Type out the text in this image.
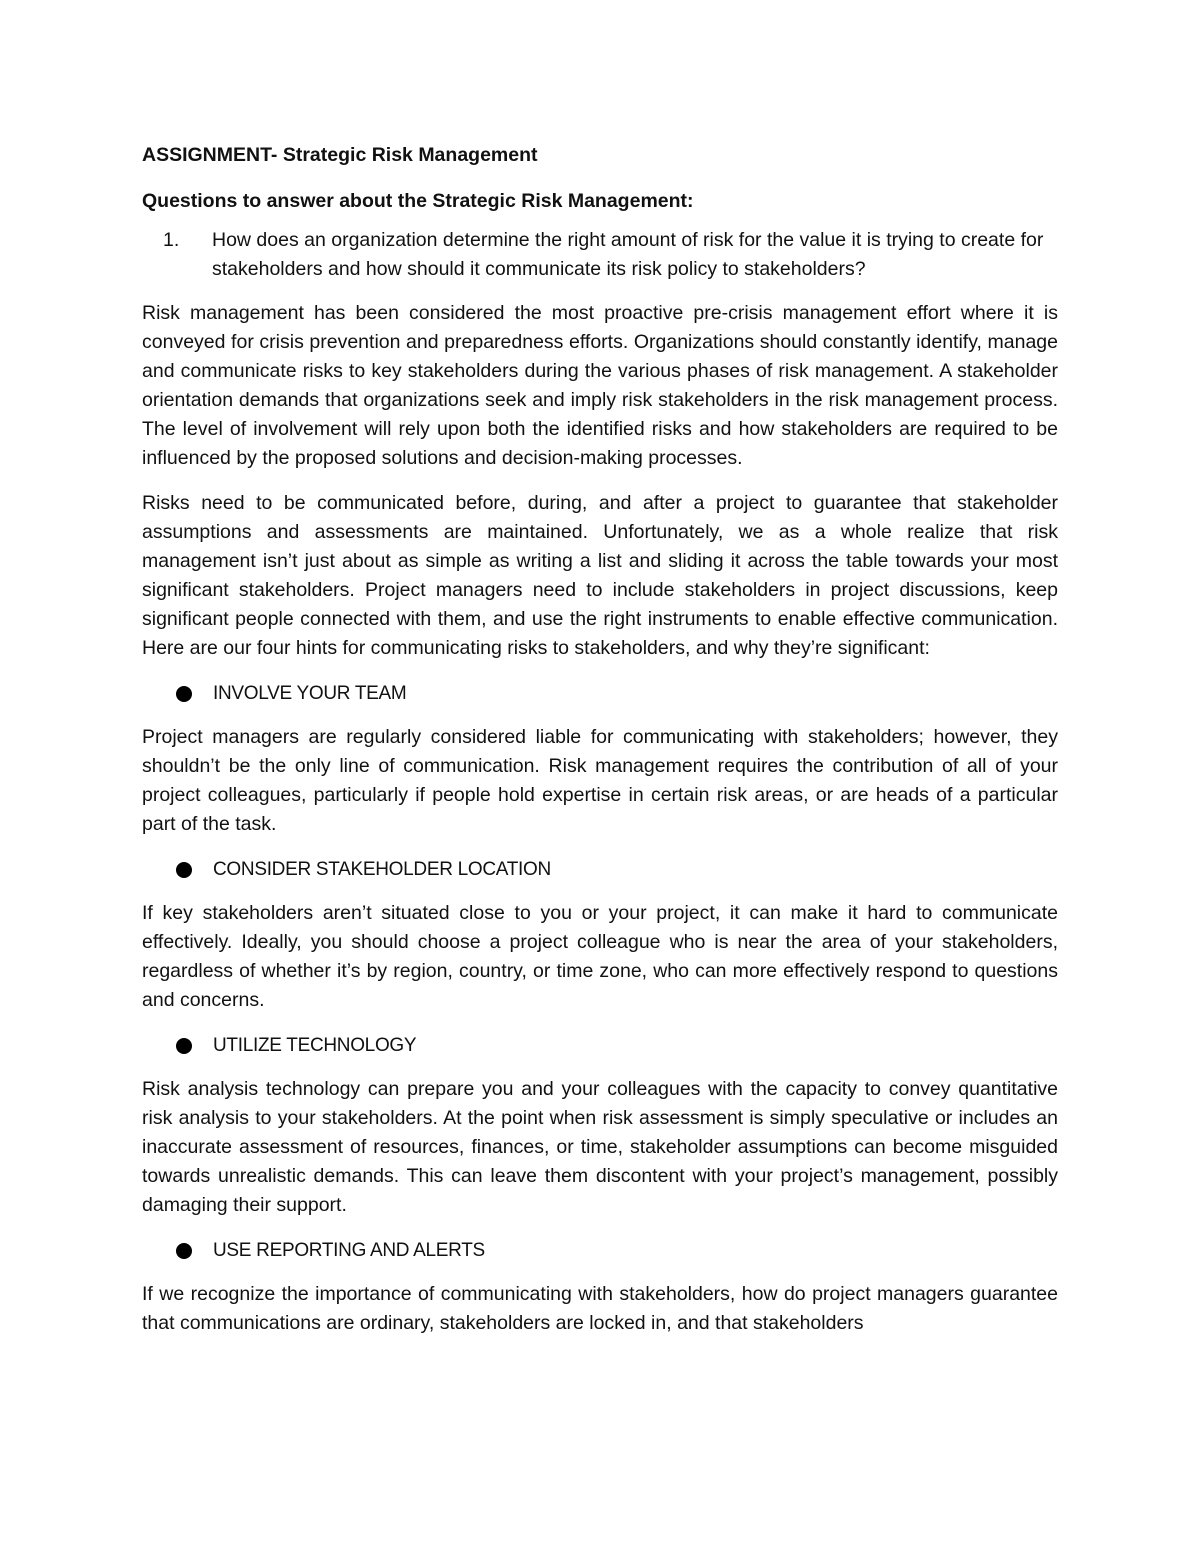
ASSIGNMENT- Strategic Risk Management
Questions to answer about the Strategic Risk Management:
1.	How does an organization determine the right amount of risk for the value it is trying to create for stakeholders and how should it communicate its risk policy to stakeholders?

Risk management has been considered the most proactive pre-crisis management effort where it is conveyed for crisis prevention and preparedness efforts. Organizations should constantly identify, manage and communicate risks to key stakeholders during the various phases of risk management. A stakeholder orientation demands that organizations seek and imply risk stakeholders in the risk management process. The level of involvement will rely upon both the identified risks and how stakeholders are required to be influenced by the proposed solutions and decision-making processes.

Risks need to be communicated before, during, and after a project to guarantee that stakeholder assumptions and assessments are maintained. Unfortunately, we as a whole realize that risk management isn’t just about as simple as writing a list and sliding it across the table towards your most significant stakeholders. Project managers need to include stakeholders in project discussions, keep significant people connected with them, and use the right instruments to enable effective communication. Here are our four hints for communicating risks to stakeholders, and why they’re significant:

INVOLVE YOUR TEAM

Project managers are regularly considered liable for communicating with stakeholders; however, they shouldn’t be the only line of communication. Risk management requires the contribution of all of your project colleagues, particularly if people hold expertise in certain risk areas, or are heads of a particular part of the task.

CONSIDER STAKEHOLDER LOCATION

If key stakeholders aren’t situated close to you or your project, it can make it hard to communicate effectively. Ideally, you should choose a project colleague who is near the area of your stakeholders, regardless of whether it’s by region, country, or time zone, who can more effectively respond to questions and concerns.

UTILIZE TECHNOLOGY

Risk analysis technology can prepare you and your colleagues with the capacity to convey quantitative risk analysis to your stakeholders. At the point when risk assessment is simply speculative or includes an inaccurate assessment of resources, finances, or time, stakeholder assumptions can become misguided towards unrealistic demands. This can leave them discontent with your project’s management, possibly damaging their support.

USE REPORTING AND ALERTS

If we recognize the importance of communicating with stakeholders, how do project managers guarantee that communications are ordinary, stakeholders are locked in, and that stakeholders
